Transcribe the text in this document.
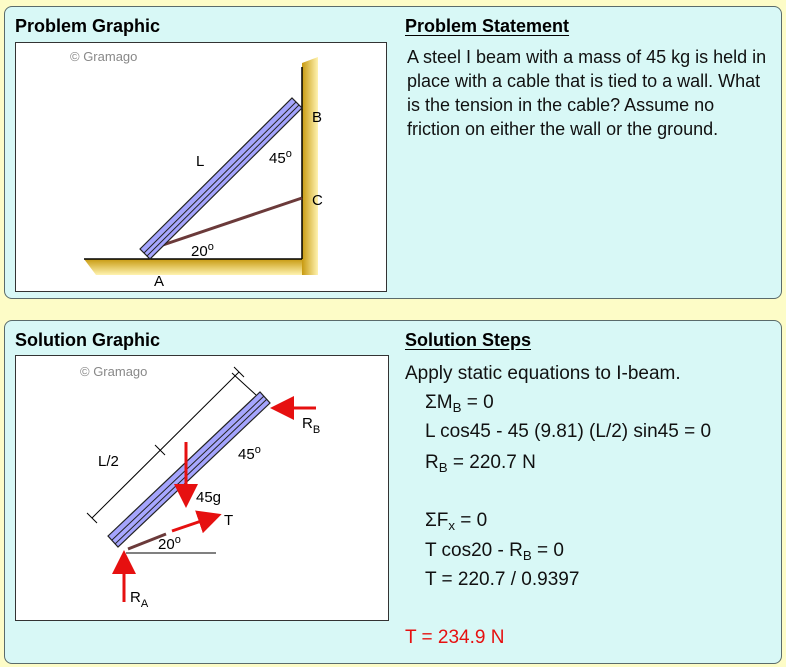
Problem Graphic	Problem Statement
© Gramago
L
B
C
A
45$^o$
20$^o$
A steel I beam with a mass of 45 kg is held in place with a cable that is tied to a wall. What is the tension in the cable? Assume no friction on either the wall or the ground.
Solution Graphic	Solution Steps
© Gramago
L/2
45g
T
$R_B$
$R_A$
45$^o$
20$^o$
Apply static equations to I-beam.
$\Sigma M_B = 0$
L cos45 - 45 (9.81) (L/2) sin45 = 0
$R_B = 220.7$ N
$\Sigma F_x = 0$
T $\cos 20 - R_B = 0$
T = 220.7 / 0.9397
T = 234.9 N
